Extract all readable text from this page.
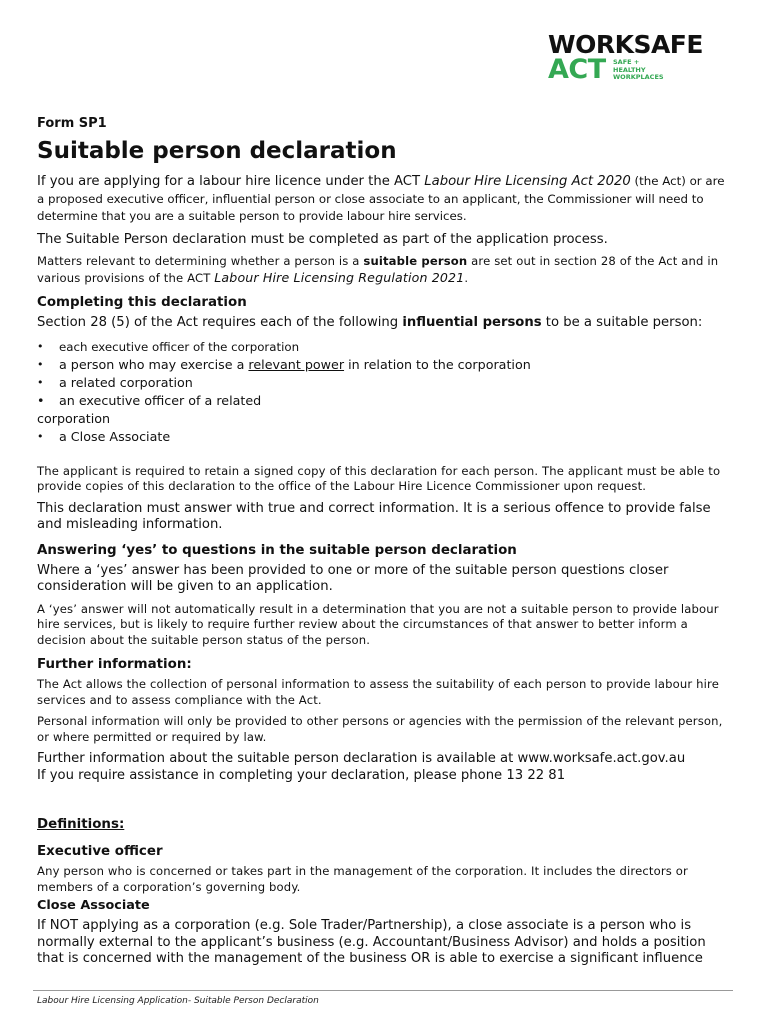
WORKSAFE
ACT SAFE +
HEALTHY
WORKPLACES
Form SP1
Suitable person declaration

If you are applying for a labour hire licence under the ACT Labour Hire Licensing Act 2020 (the Act) or are a proposed executive officer, influential person or close associate to an applicant, the Commissioner will need to determine that you are a suitable person to provide labour hire services.

The Suitable Person declaration must be completed as part of the application process.

Matters relevant to determining whether a person is a suitable person are set out in section 28 of the Act and in various provisions of the ACT Labour Hire Licensing Regulation 2021.

Completing this declaration

Section 28 (5) of the Act requires each of the following influential persons to be a suitable person:

• each executive officer of the corporation
• a person who may exercise a relevant power in relation to the corporation
• a related corporation
• an executive officer of a related corporation
• a Close Associate

The applicant is required to retain a signed copy of this declaration for each person. The applicant must be able to provide copies of this declaration to the office of the Labour Hire Licence Commissioner upon request.

This declaration must answer with true and correct information. It is a serious offence to provide false and misleading information.

Answering ‘yes’ to questions in the suitable person declaration

Where a ‘yes’ answer has been provided to one or more of the suitable person questions closer consideration will be given to an application.

A ‘yes’ answer will not automatically result in a determination that you are not a suitable person to provide labour hire services, but is likely to require further review about the circumstances of that answer to better inform a decision about the suitable person status of the person.

Further information:

The Act allows the collection of personal information to assess the suitability of each person to provide labour hire services and to assess compliance with the Act.

Personal information will only be provided to other persons or agencies with the permission of the relevant person, or where permitted or required by law.

Further information about the suitable person declaration is available at www.worksafe.act.gov.au

If you require assistance in completing your declaration, please phone 13 22 81

Definitions:
Executive officer

Any person who is concerned or takes part in the management of the corporation. It includes the directors or members of a corporation’s governing body.

Close Associate

If NOT applying as a corporation (e.g. Sole Trader/Partnership), a close associate is a person who is normally external to the applicant’s business (e.g. Accountant/Business Advisor) and holds a position that is concerned with the management of the business OR is able to exercise a significant influence

Labour Hire Licensing Application- Suitable Person Declaration
